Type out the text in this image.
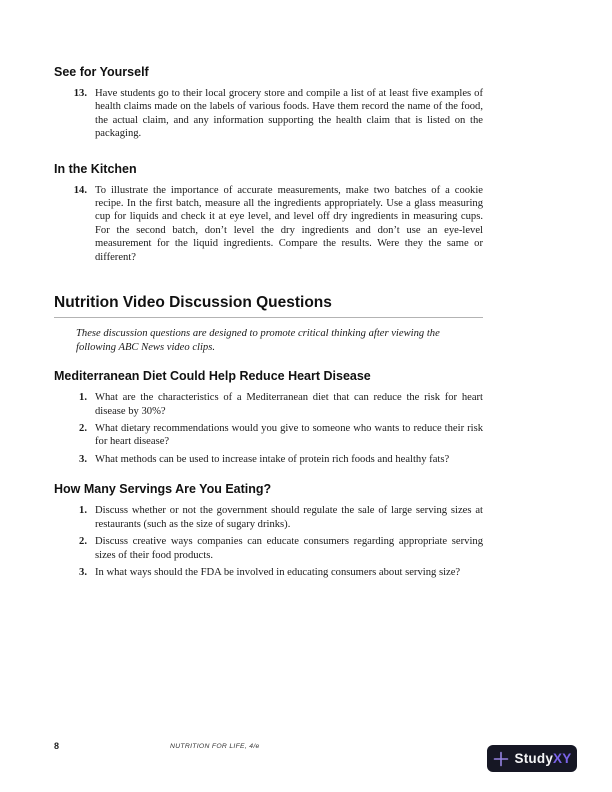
See for Yourself
13. Have students go to their local grocery store and compile a list of at least five examples of health claims made on the labels of various foods. Have them record the name of the food, the actual claim, and any information supporting the health claim that is listed on the packaging.
In the Kitchen
14. To illustrate the importance of accurate measurements, make two batches of a cookie recipe. In the first batch, measure all the ingredients appropriately. Use a glass measuring cup for liquids and check it at eye level, and level off dry ingredients in measuring cups. For the second batch, don’t level the dry ingredients and don’t use an eye-level measurement for the liquid ingredients. Compare the results. Were they the same or different?
Nutrition Video Discussion Questions

These discussion questions are designed to promote critical thinking after viewing the following ABC News video clips.

Mediterranean Diet Could Help Reduce Heart Disease
1. What are the characteristics of a Mediterranean diet that can reduce the risk for heart disease by 30%?
2. What dietary recommendations would you give to someone who wants to reduce their risk for heart disease?
3. What methods can be used to increase intake of protein rich foods and healthy fats?
How Many Servings Are You Eating?
1. Discuss whether or not the government should regulate the sale of large serving sizes at restaurants (such as the size of sugary drinks).
2. Discuss creative ways companies can educate consumers regarding appropriate serving sizes of their food products.
3. In what ways should the FDA be involved in educating consumers about serving size?
8	NUTRITION FOR LIFE, 4/e
StudyXY
